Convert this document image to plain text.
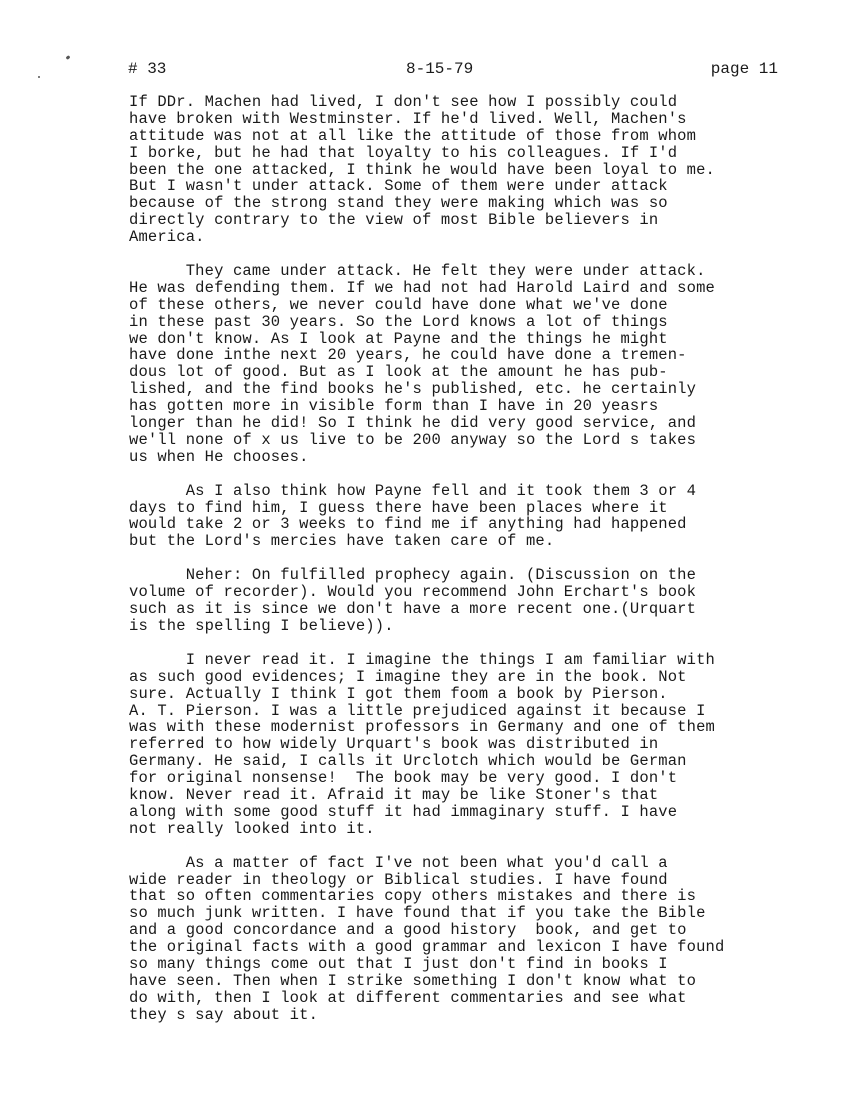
# 33	8-15-79	page 11
If DDr. Machen had lived, I don't see how I possibly could
have broken with Westminster. If he'd lived. Well, Machen's
attitude was not at all like the attitude of those from whom
I borke, but he had that loyalty to his colleagues. If I'd
been the one attacked, I think he would have been loyal to me.
But I wasn't under attack. Some of them were under attack
because of the strong stand they were making which was so
directly contrary to the view of most Bible believers in
America.
They came under attack. He felt they were under attack.
He was defending them. If we had not had Harold Laird and some
of these others, we never could have done what we've done
in these past 30 years. So the Lord knows a lot of things
we don't know. As I look at Payne and the things he might
have done inthe next 20 years, he could have done a tremen-
dous lot of good. But as I look at the amount he has pub-
lished, and the find books he's published, etc. he certainly
has gotten more in visible form than I have in 20 yeasrs
longer than he did! So I think he did very good service, and
we'll none of x us live to be 200 anyway so the Lord s takes
us when He chooses.
As I also think how Payne fell and it took them 3 or 4
days to find him, I guess there have been places where it
would take 2 or 3 weeks to find me if anything had happened
but the Lord's mercies have taken care of me.
Neher: On fulfilled prophecy again. (Discussion on the
volume of recorder). Would you recommend John Erchart's book
such as it is since we don't have a more recent one.(Urquart
is the spelling I believe)).
I never read it. I imagine the things I am familiar with
as such good evidences; I imagine they are in the book. Not
sure. Actually I think I got them foom a book by Pierson.
A. T. Pierson. I was a little prejudiced against it because I
was with these modernist professors in Germany and one of them
referred to how widely Urquart's book was distributed in
Germany. He said, I calls it Urclotch which would be German
for original nonsense!  The book may be very good. I don't
know. Never read it. Afraid it may be like Stoner's that
along with some good stuff it had immaginary stuff. I have
not really looked into it.
As a matter of fact I've not been what you'd call a
wide reader in theology or Biblical studies. I have found
that so often commentaries copy others mistakes and there is
so much junk written. I have found that if you take the Bible
and a good concordance and a good history  book, and get to
the original facts with a good grammar and lexicon I have found
so many things come out that I just don't find in books I
have seen. Then when I strike something I don't know what to
do with, then I look at different commentaries and see what
they s say about it.
